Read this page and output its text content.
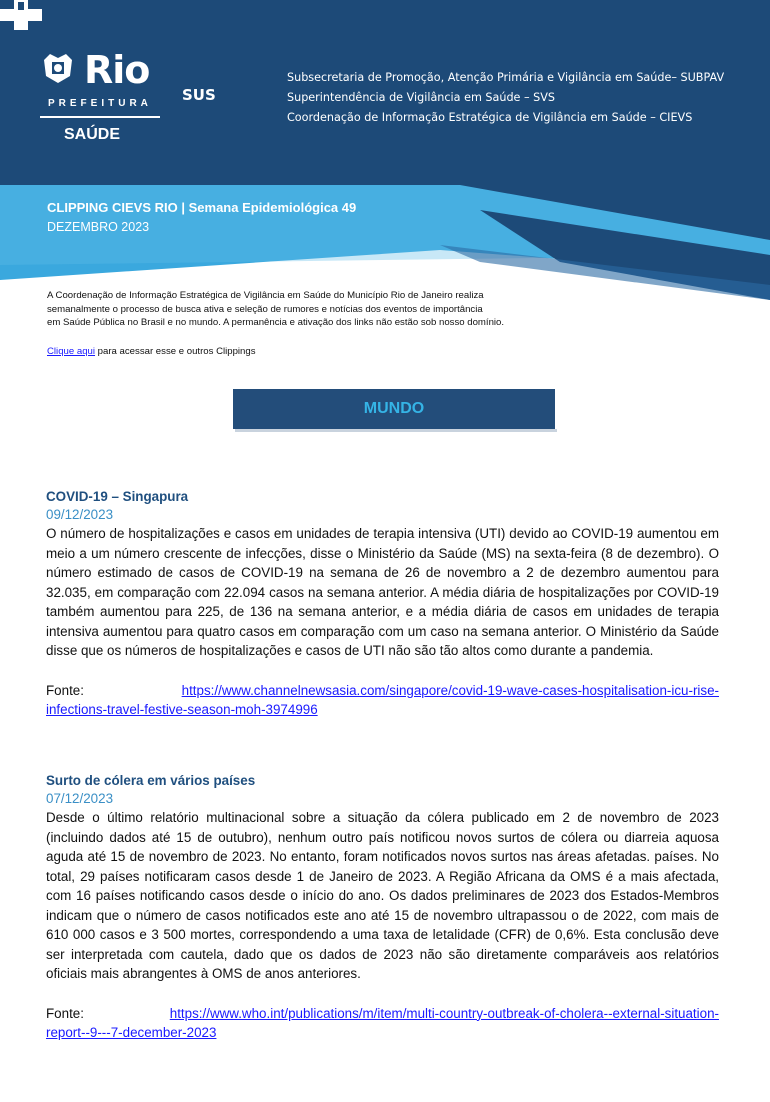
Rio
PREFEITURA
SAÚDE
SUS
Subsecretaria de Promoção, Atenção Primária e Vigilância em Saúde– SUBPAV
Superintendência de Vigilância em Saúde – SVS
Coordenação de Informação Estratégica de Vigilância em Saúde – CIEVS
CLIPPING CIEVS RIO | Semana Epidemiológica 49
DEZEMBRO 2023
A Coordenação de Informação Estratégica de Vigilância em Saúde do Município Rio de Janeiro realiza
semanalmente o processo de busca ativa e seleção de rumores e notícias dos eventos de importância
em Saúde Pública no Brasil e no mundo. A permanência e ativação dos links não estão sob nosso domínio.
Clique aqui para acessar esse e outros Clippings
MUNDO
COVID-19 – Singapura
09/12/2023
O número de hospitalizações e casos em unidades de terapia intensiva (UTI) devido ao COVID-19 aumentou em meio a um número crescente de infecções, disse o Ministério da Saúde (MS) na sexta-feira (8 de dezembro). O número estimado de casos de COVID-19 na semana de 26 de novembro a 2 de dezembro aumentou para 32.035, em comparação com 22.094 casos na semana anterior. A média diária de hospitalizações por COVID-19 também aumentou para 225, de 136 na semana anterior, e a média diária de casos em unidades de terapia intensiva aumentou para quatro casos em comparação com um caso na semana anterior. O Ministério da Saúde disse que os números de hospitalizações e casos de UTI não são tão altos como durante a pandemia.
Fonte:	https://www.channelnewsasia.com/singapore/covid-19-wave-cases-hospitalisation-icu-rise-infections-travel-festive-season-moh-3974996
Surto de cólera em vários países
07/12/2023
Desde o último relatório multinacional sobre a situação da cólera publicado em 2 de novembro de 2023 (incluindo dados até 15 de outubro), nenhum outro país notificou novos surtos de cólera ou diarreia aquosa aguda até 15 de novembro de 2023. No entanto, foram notificados novos surtos nas áreas afetadas. países. No total, 29 países notificaram casos desde 1 de Janeiro de 2023. A Região Africana da OMS é a mais afectada, com 16 países notificando casos desde o início do ano. Os dados preliminares de 2023 dos Estados-Membros indicam que o número de casos notificados este ano até 15 de novembro ultrapassou o de 2022, com mais de 610 000 casos e 3 500 mortes, correspondendo a uma taxa de letalidade (CFR) de 0,6%. Esta conclusão deve ser interpretada com cautela, dado que os dados de 2023 não são diretamente comparáveis aos relatórios oficiais mais abrangentes à OMS de anos anteriores.
Fonte:	https://www.who.int/publications/m/item/multi-country-outbreak-of-cholera--external-situation-report--9---7-december-2023
